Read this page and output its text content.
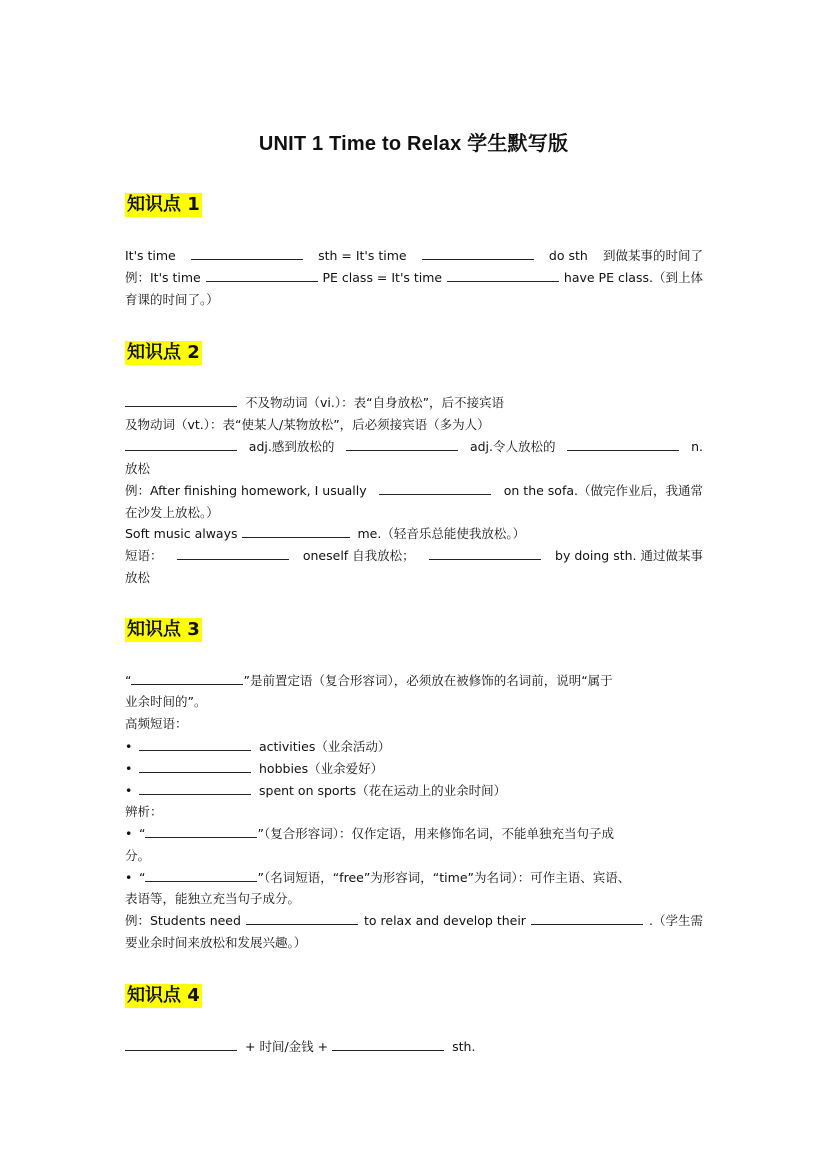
UNIT 1 Time to Relax 学生默写版
知识点 1
It's time	sth = It's time	do sth 到做某事的时间了
例：It's time	PE class = It's time	have PE class.（到上体
育课的时间了。）
知识点 2
不及物动词（vi.）：表“自身放松”，后不接宾语
及物动词（vt.）：表“使某人/某物放松”，后必须接宾语（多为人）
adj.感到放松的	adj.令人放松的	n.
放松
例：After finishing homework, I usually	on the sofa.（做完作业后，我通常
在沙发上放松。）
Soft music always	me.（轻音乐总能使我放松。）
短语：	oneself 自我放松；	by doing sth. 通过做某事
放松
知识点 3
“	”是前置定语（复合形容词），必须放在被修饰的名词前，说明“属于
业余时间的”。
高频短语：
•	activities（业余活动）
•	hobbies（业余爱好）
•	spent on sports（花在运动上的业余时间）
辨析：
• “	”（复合形容词）：仅作定语，用来修饰名词，不能单独充当句子成
分。
• “	”（名词短语，“free”为形容词，“time”为名词）：可作主语、宾语、
表语等，能独立充当句子成分。
例：Students need	to relax and develop their	.（学生需
要业余时间来放松和发展兴趣。）
知识点 4
+ 时间/金钱 +	sth.
